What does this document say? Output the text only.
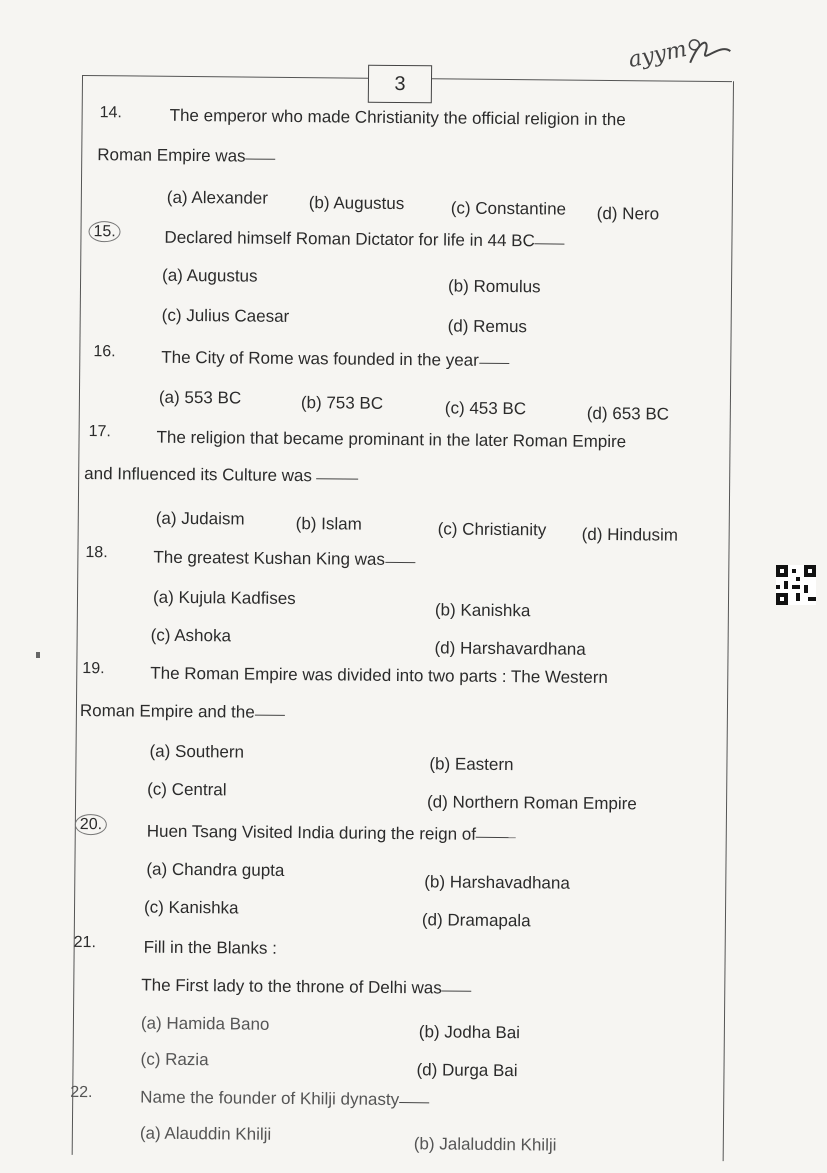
3
ayym
14.	The emperor who made Christianity the official religion in the
Roman Empire was
(a) Alexander (b) Augustus	(c) Constantine (d) Nero
15.	Declared himself Roman Dictator for life in 44 BC
(a) Augustus
(b) Romulus
(c) Julius Caesar
(d) Remus
16.	The City of Rome was founded in the year
(a) 553 BC	(b) 753 BC	(c) 453 BC	(d) 653 BC
17.	The religion that became prominant in the later Roman Empire
and Influenced its Culture was
(a) Judaism	(b) Islam	(c) Christianity (d) Hindusim
18.	The greatest Kushan King was
(a) Kujula Kadfises
(b) Kanishka
(c) Ashoka
(d) Harshavardhana
19.	The Roman Empire was divided into two parts : The Western
Roman Empire and the
(a) Southern
(b) Eastern
(c) Central
(d) Northern Roman Empire
20.	Huen Tsang Visited India during the reign of
(a) Chandra gupta
(b) Harshavadhana
(c) Kanishka
(d) Dramapala
21.	Fill in the Blanks :
The First lady to the throne of Delhi was
(a) Hamida Bano	(b) Jodha Bai
(c) Razia
(d) Durga Bai
22.	Name the founder of Khilji dynasty
(a) Alauddin Khilji
(b) Jalaluddin Khilji
